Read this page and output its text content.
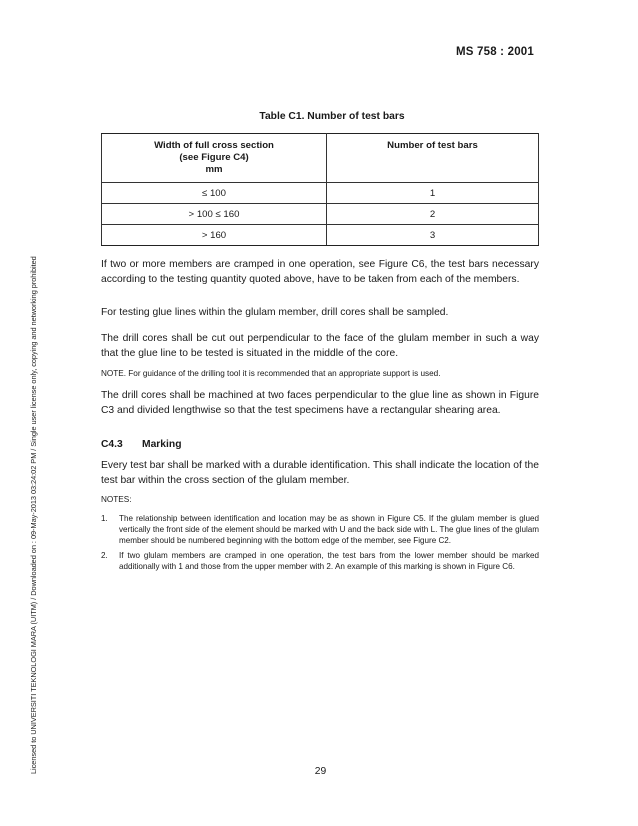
MS 758 : 2001
Licensed to UNIVERSITI TEKNOLOGI MARA (UITM) / Downloaded on : 09-May-2013 03:24:02 PM / Single user license only, copying and networking prohibited
Table C1. Number of test bars
Width of full cross section
(see Figure C4)
mm	Number of test bars
≤ 100	1
> 100 ≤ 160	2
> 160	3
If two or more members are cramped in one operation, see Figure C6, the test bars necessary according to the testing quantity quoted above, have to be taken from each of the members.
For testing glue lines within the glulam member, drill cores shall be sampled.
The drill cores shall be cut out perpendicular to the face of the glulam member in such a way that the glue line to be tested is situated in the middle of the core.
NOTE. For guidance of the drilling tool it is recommended that an appropriate support is used.
The drill cores shall be machined at two faces perpendicular to the glue line as shown in Figure C3 and divided lengthwise so that the test specimens have a rectangular shearing area.
C4.3 Marking
Every test bar shall be marked with a durable identification. This shall indicate the location of the test bar within the cross section of the glulam member.
NOTES:
1. The relationship between identification and location may be as shown in Figure C5. If the glulam member is glued vertically the front side of the element should be marked with U and the back side with L. The glue lines of the glulam member should be numbered beginning with the bottom edge of the member, see Figure C2.
2. If two glulam members are cramped in one operation, the test bars from the lower member should be marked additionally with 1 and those from the upper member with 2. An example of this marking is shown in Figure C6.
29
